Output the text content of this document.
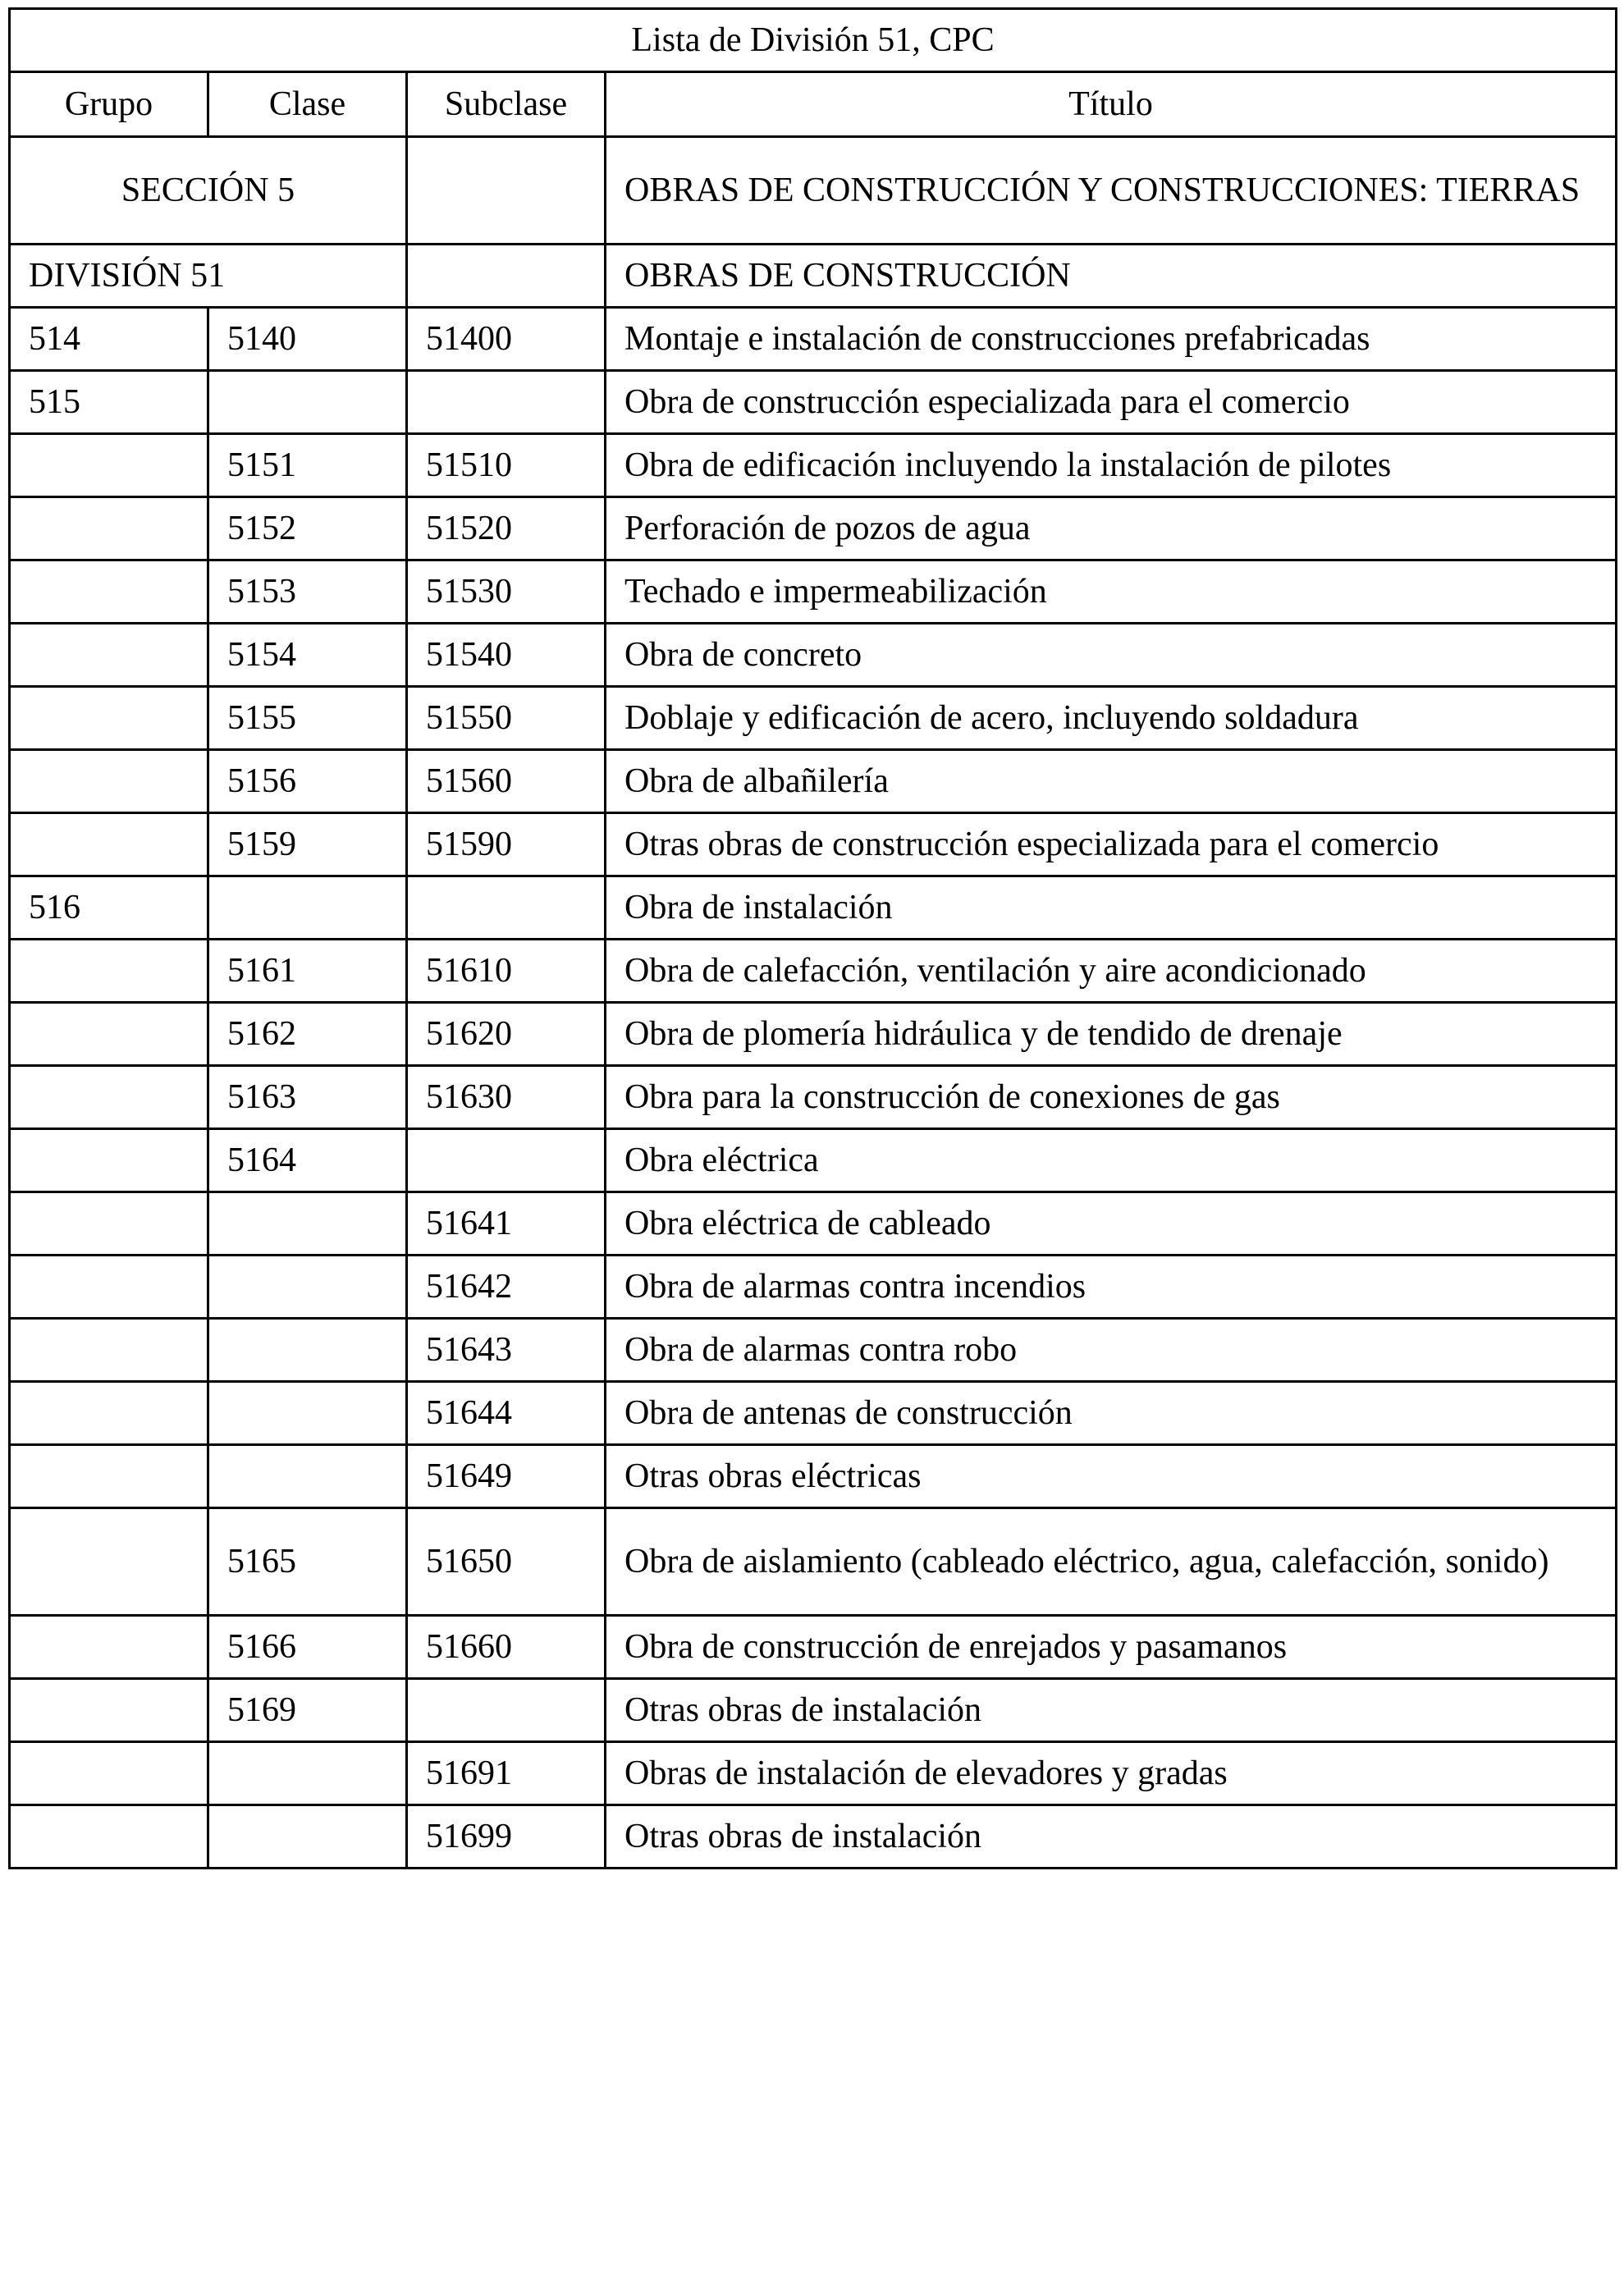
Lista de División 51, CPC			
Grupo	Clase	Subclase	Título
SECCIÓN 5			OBRAS DE CONSTRUCCIÓN Y CONSTRUCCIONES: TIERRAS
DIVISIÓN 51			OBRAS DE CONSTRUCCIÓN
514	5140	51400	Montaje e instalación de construcciones prefabricadas
515			Obra de construcción especializada para el comercio
	5151	51510	Obra de edificación incluyendo la instalación de pilotes
	5152	51520	Perforación de pozos de agua
	5153	51530	Techado e impermeabilización
	5154	51540	Obra de concreto
	5155	51550	Doblaje y edificación de acero, incluyendo soldadura
	5156	51560	Obra de albañilería
	5159	51590	Otras obras de construcción especializada para el comercio
516			Obra de instalación
	5161	51610	Obra de calefacción, ventilación y aire acondicionado
	5162	51620	Obra de plomería hidráulica y de tendido de drenaje
	5163	51630	Obra para la construcción de conexiones de gas
	5164		Obra eléctrica
		51641	Obra eléctrica de cableado
		51642	Obra de alarmas contra incendios
		51643	Obra de alarmas contra robo
		51644	Obra de antenas de construcción
		51649	Otras obras eléctricas
	5165	51650	Obra de aislamiento (cableado eléctrico, agua, calefacción, sonido)
	5166	51660	Obra de construcción de enrejados y pasamanos
	5169		Otras obras de instalación
		51691	Obras de instalación de elevadores y gradas
		51699	Otras obras de instalación
